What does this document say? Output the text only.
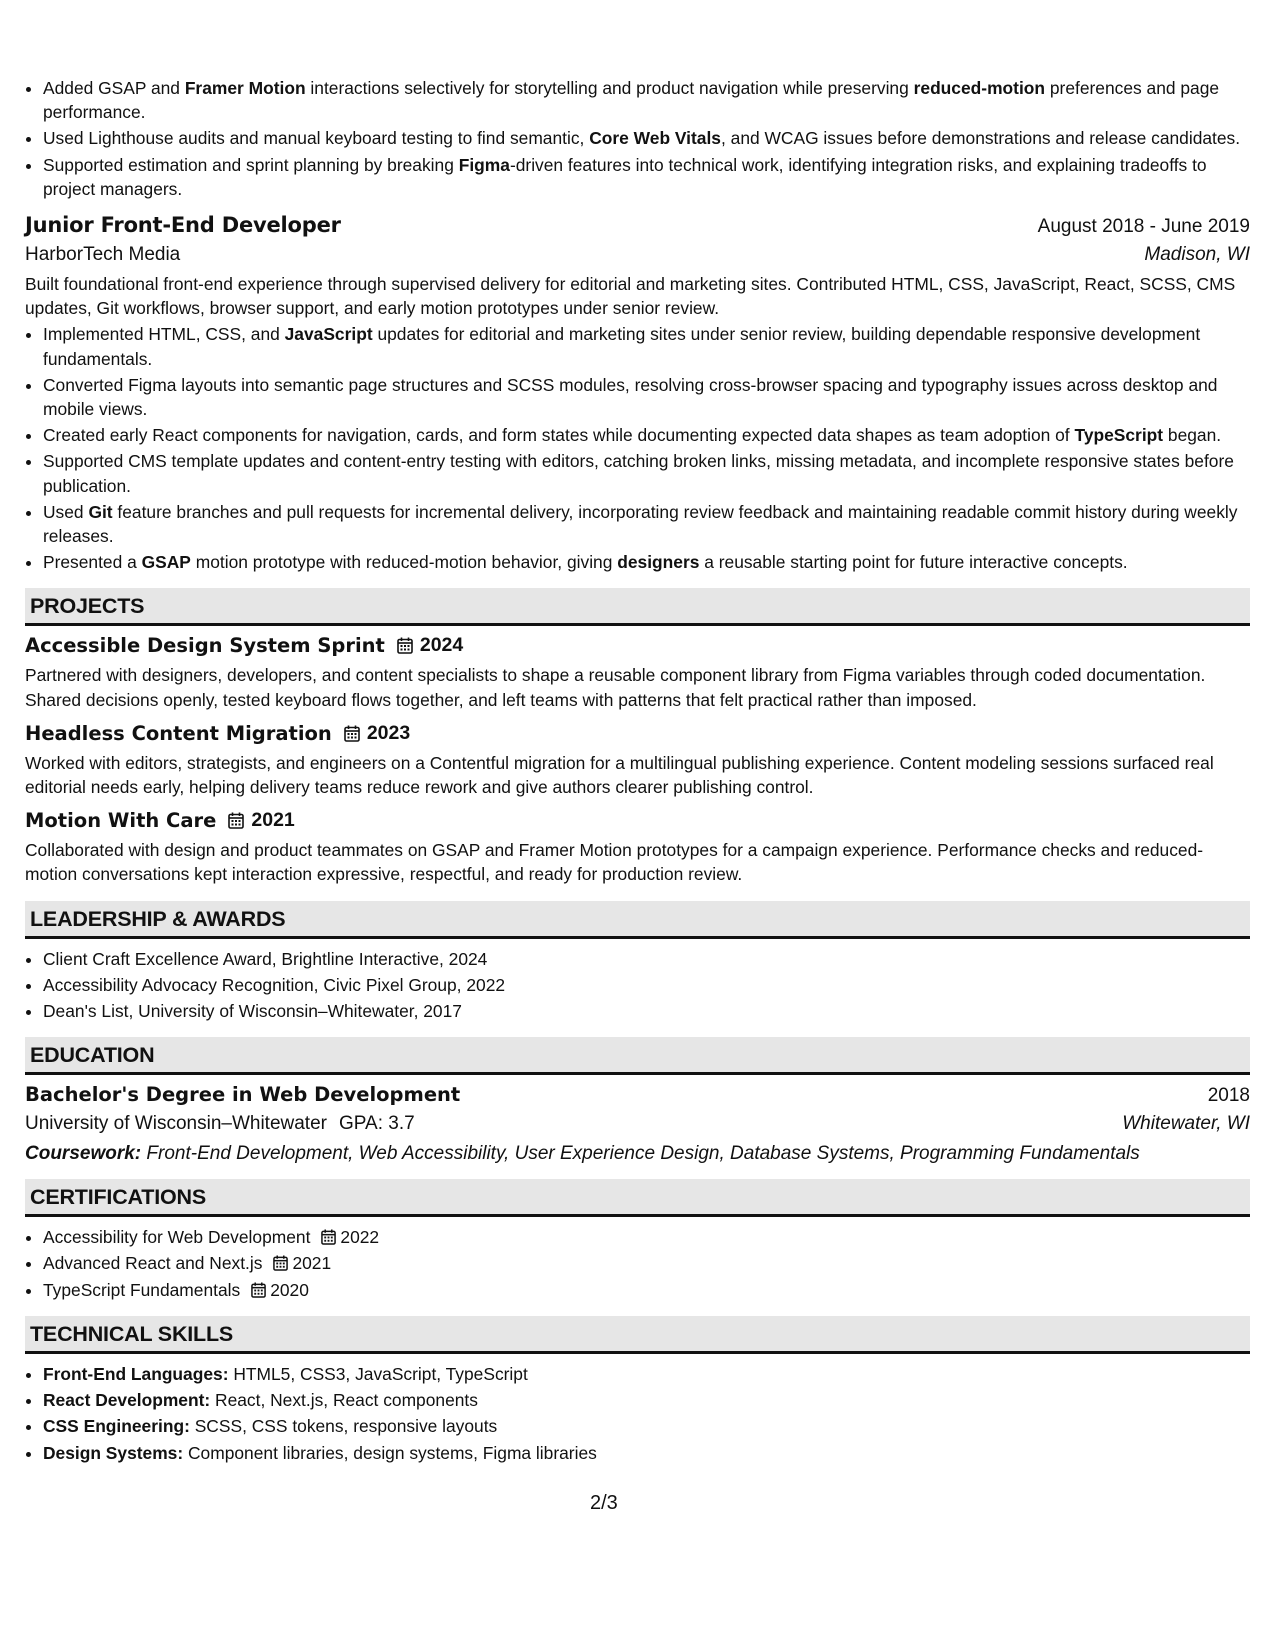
• Added GSAP and Framer Motion interactions selectively for storytelling and product navigation while preserving reduced-motion preferences and page performance.
• Used Lighthouse audits and manual keyboard testing to find semantic, Core Web Vitals, and WCAG issues before demonstrations and release candidates.
• Supported estimation and sprint planning by breaking Figma-driven features into technical work, identifying integration risks, and explaining tradeoffs to project managers.
Junior Front-End Developer	August 2018 - June 2019
HarborTech Media	Madison, WI
Built foundational front-end experience through supervised delivery for editorial and marketing sites. Contributed HTML, CSS, JavaScript, React, SCSS, CMS updates, Git workflows, browser support, and early motion prototypes under senior review.
• Implemented HTML, CSS, and JavaScript updates for editorial and marketing sites under senior review, building dependable responsive development fundamentals.
• Converted Figma layouts into semantic page structures and SCSS modules, resolving cross-browser spacing and typography issues across desktop and mobile views.
• Created early React components for navigation, cards, and form states while documenting expected data shapes as team adoption of TypeScript began.
• Supported CMS template updates and content-entry testing with editors, catching broken links, missing metadata, and incomplete responsive states before publication.
• Used Git feature branches and pull requests for incremental delivery, incorporating review feedback and maintaining readable commit history during weekly releases.
• Presented a GSAP motion prototype with reduced-motion behavior, giving designers a reusable starting point for future interactive concepts.
PROJECTS
Accessible Design System Sprint 2024
Partnered with designers, developers, and content specialists to shape a reusable component library from Figma variables through coded documentation. Shared decisions openly, tested keyboard flows together, and left teams with patterns that felt practical rather than imposed.
Headless Content Migration 2023
Worked with editors, strategists, and engineers on a Contentful migration for a multilingual publishing experience. Content modeling sessions surfaced real editorial needs early, helping delivery teams reduce rework and give authors clearer publishing control.
Motion With Care 2021
Collaborated with design and product teammates on GSAP and Framer Motion prototypes for a campaign experience. Performance checks and reduced-motion conversations kept interaction expressive, respectful, and ready for production review.
LEADERSHIP & AWARDS
• Client Craft Excellence Award, Brightline Interactive, 2024
• Accessibility Advocacy Recognition, Civic Pixel Group, 2022
• Dean's List, University of Wisconsin–Whitewater, 2017
EDUCATION
Bachelor's Degree in Web Development	2018
University of Wisconsin–Whitewater GPA: 3.7	Whitewater, WI
Coursework: Front-End Development, Web Accessibility, User Experience Design, Database Systems, Programming Fundamentals
CERTIFICATIONS
• Accessibility for Web Development 2022
• Advanced React and Next.js 2021
• TypeScript Fundamentals 2020
TECHNICAL SKILLS
• Front-End Languages: HTML5, CSS3, JavaScript, TypeScript
• React Development: React, Next.js, React components
• CSS Engineering: SCSS, CSS tokens, responsive layouts
• Design Systems: Component libraries, design systems, Figma libraries
2/3
